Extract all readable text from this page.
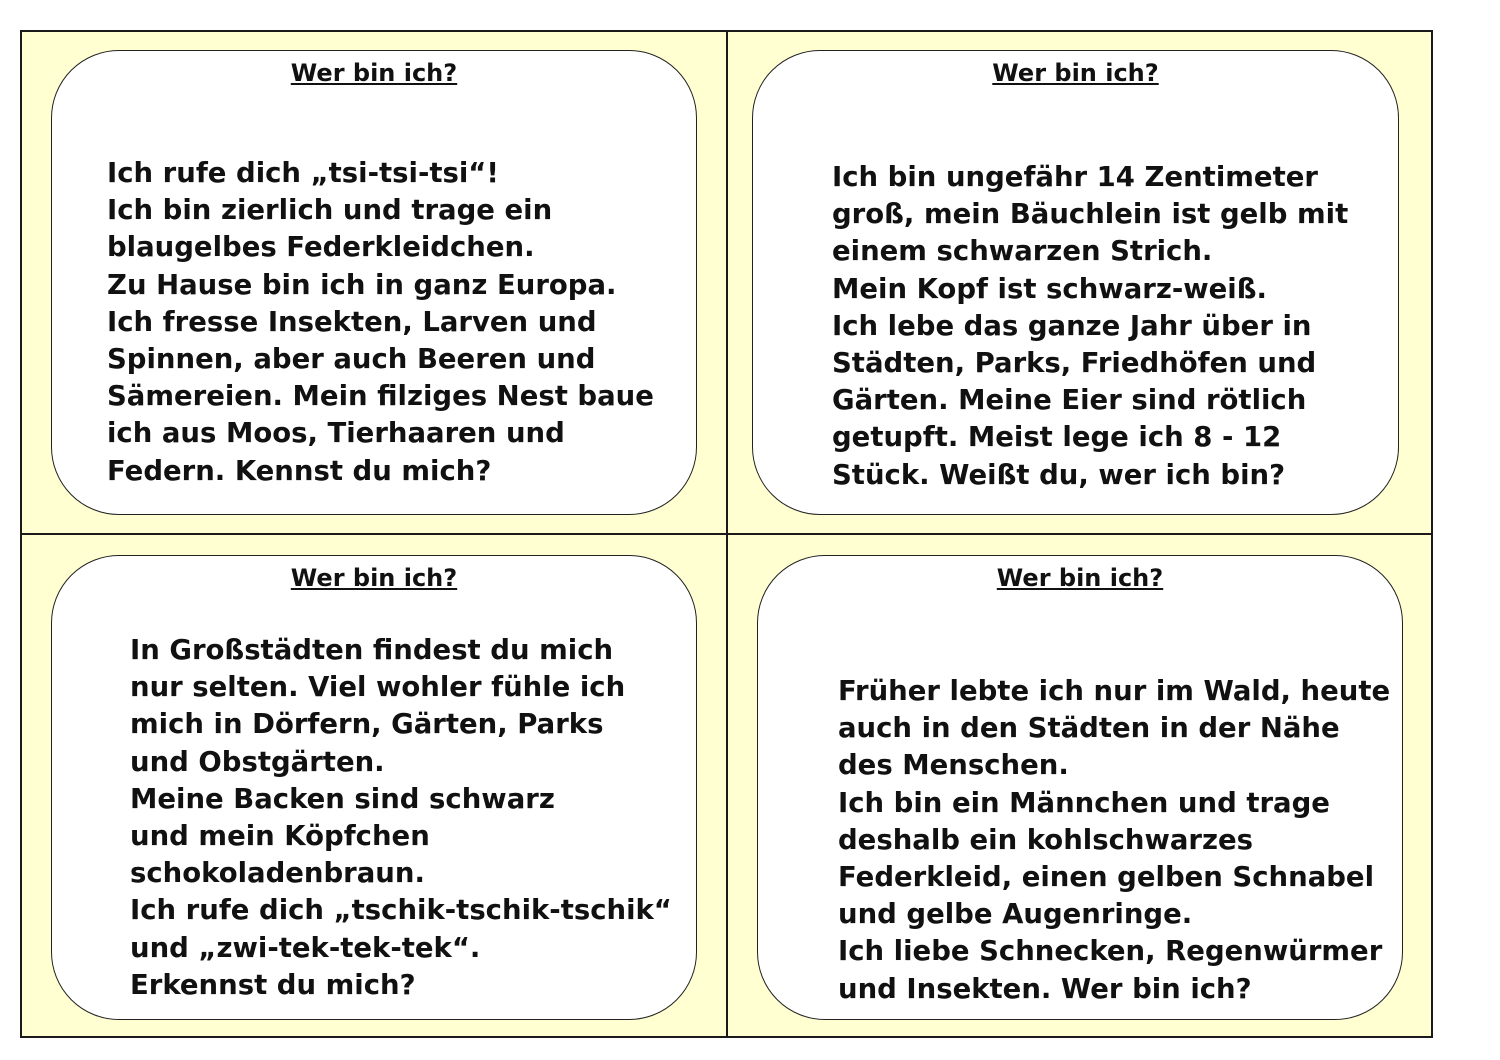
Wer bin ich?

Ich rufe dich „tsi-tsi-tsi“!
Ich bin zierlich und trage ein
blaugelbes Federkleidchen.
Zu Hause bin ich in ganz Europa.
Ich fresse Insekten, Larven und
Spinnen, aber auch Beeren und
Sämereien. Mein filziges Nest baue
ich aus Moos, Tierhaaren und
Federn. Kennst du mich?

Wer bin ich?

Ich bin ungefähr 14 Zentimeter
groß, mein Bäuchlein ist gelb mit
einem schwarzen Strich.
Mein Kopf ist schwarz-weiß.
Ich lebe das ganze Jahr über in
Städten, Parks, Friedhöfen und
Gärten. Meine Eier sind rötlich
getupft. Meist lege ich 8 - 12
Stück. Weißt du, wer ich bin?

Wer bin ich?

In Großstädten findest du mich
nur selten. Viel wohler fühle ich
mich in Dörfern, Gärten, Parks
und Obstgärten.
Meine Backen sind schwarz
und mein Köpfchen
schokoladenbraun.
Ich rufe dich „tschik-tschik-tschik“
und „zwi-tek-tek-tek“.
Erkennst du mich?

Wer bin ich?

Früher lebte ich nur im Wald, heute
auch in den Städten in der Nähe
des Menschen.
Ich bin ein Männchen und trage
deshalb ein kohlschwarzes
Federkleid, einen gelben Schnabel
und gelbe Augenringe.
Ich liebe Schnecken, Regenwürmer
und Insekten. Wer bin ich?
